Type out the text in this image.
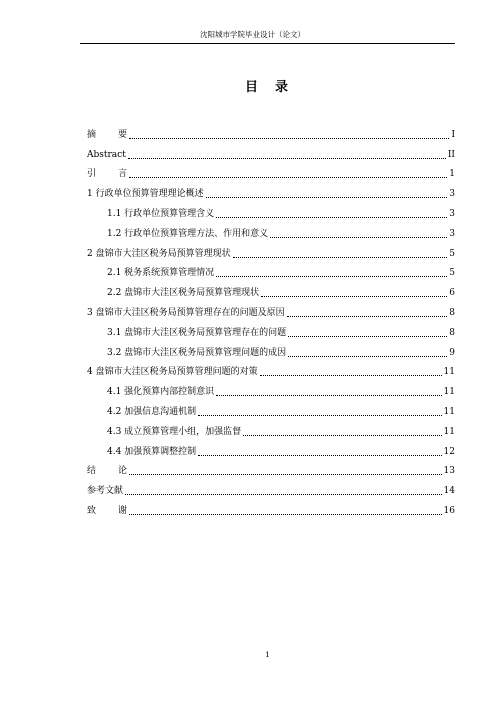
沈阳城市学院毕业设计（论文）
目　录
摘 要	I
Abstract	II
引 言	1
1 行政单位预算管理理论概述	3
1.1 行政单位预算管理含义	3
1.2 行政单位预算管理方法、作用和意义	3
2 盘锦市大洼区税务局预算管理现状	5
2.1 税务系统预算管理情况	5
2.2 盘锦市大洼区税务局预算管理现状	6
3 盘锦市大洼区税务局预算管理存在的问题及原因	8
3.1 盘锦市大洼区税务局预算管理存在的问题	8
3.2 盘锦市大洼区税务局预算管理问题的成因	9
4 盘锦市大洼区税务局预算管理问题的对策	11
4.1 强化预算内部控制意识	11
4.2 加强信息沟通机制	11
4.3 成立预算管理小组，加强监督	11
4.4 加强预算调整控制	12
结 论	13
参考文献	14
致 谢	16
1
